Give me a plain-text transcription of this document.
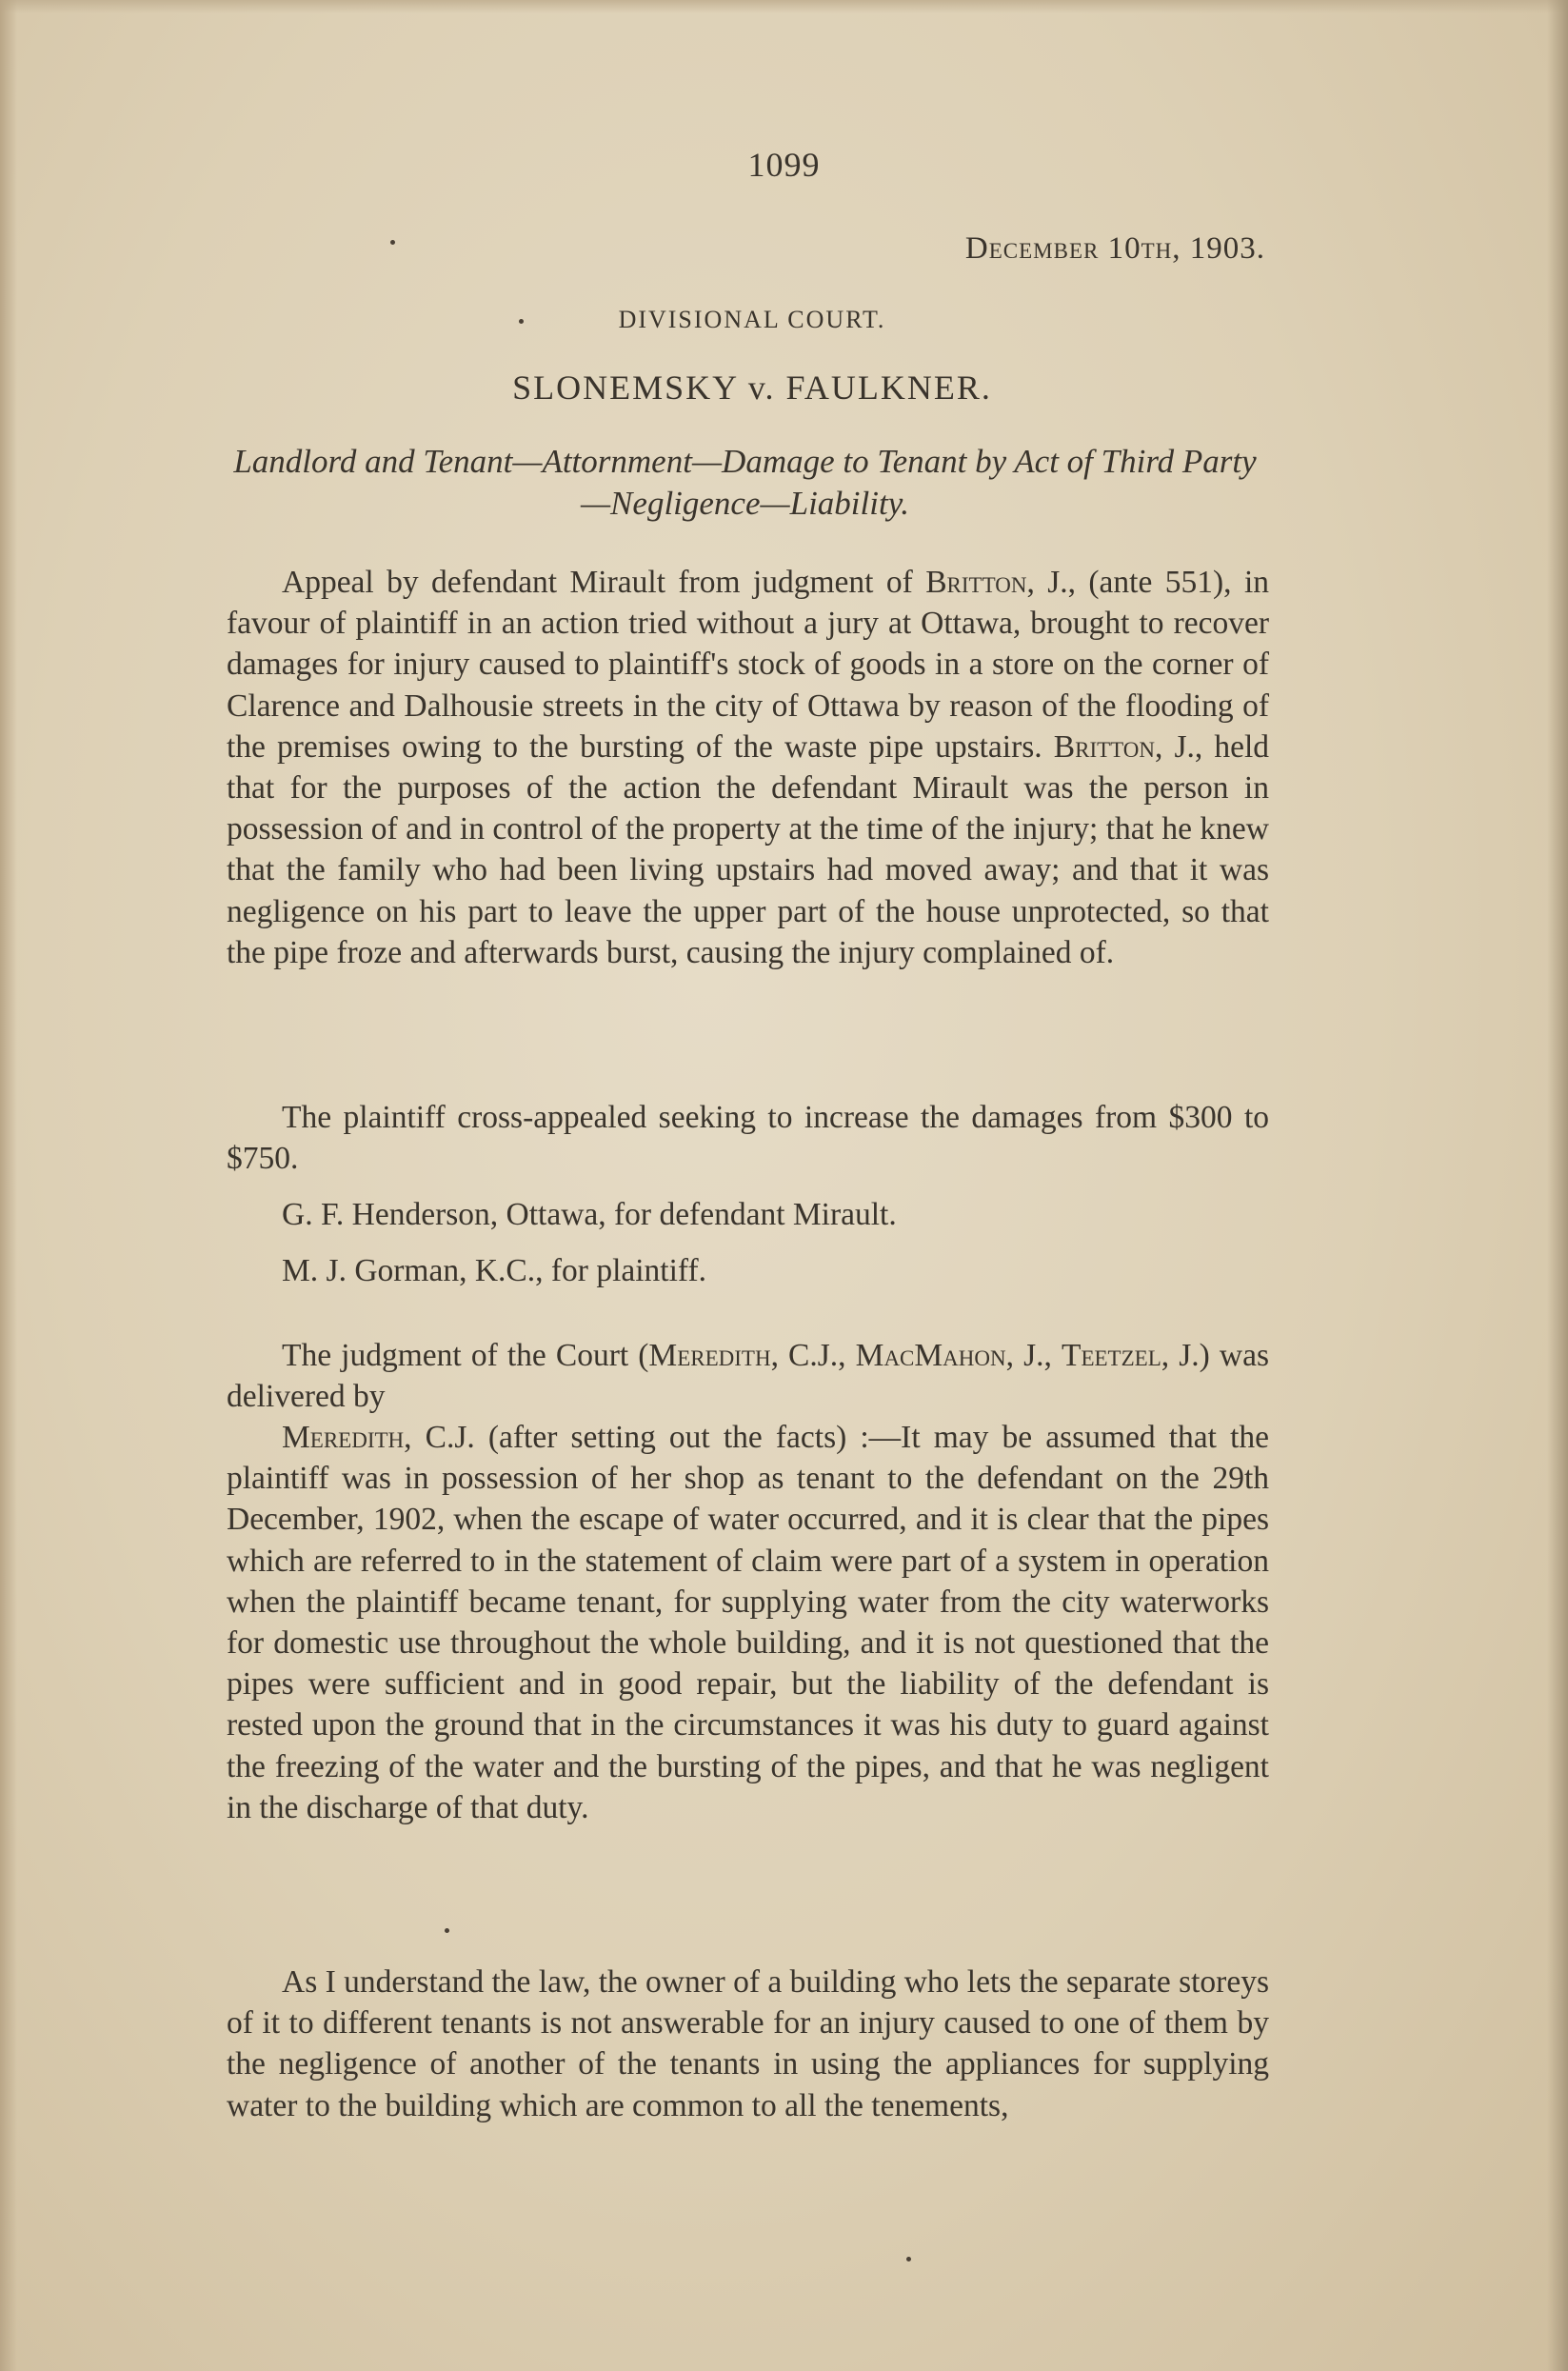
1099
December 10th, 1903.
DIVISIONAL COURT.
SLONEMSKY v. FAULKNER.
Landlord and Tenant—Attornment—Damage to Tenant by Act of Third Party—Negligence—Liability.

Appeal by defendant Mirault from judgment of Britton, J., (ante 551), in favour of plaintiff in an action tried without a jury at Ottawa, brought to recover damages for injury caused to plaintiff's stock of goods in a store on the corner of Clarence and Dalhousie streets in the city of Ottawa by reason of the flooding of the premises owing to the bursting of the waste pipe upstairs. Britton, J., held that for the purposes of the action the defendant Mirault was the person in possession of and in control of the property at the time of the injury; that he knew that the family who had been living upstairs had moved away; and that it was negligence on his part to leave the upper part of the house unprotected, so that the pipe froze and afterwards burst, causing the injury complained of.

The plaintiff cross-appealed seeking to increase the damages from $300 to $750.

G. F. Henderson, Ottawa, for defendant Mirault.
M. J. Gorman, K.C., for plaintiff.

The judgment of the Court (Meredith, C.J., MacMahon, J., Teetzel, J.) was delivered by

Meredith, C.J. (after setting out the facts) :—It may be assumed that the plaintiff was in possession of her shop as tenant to the defendant on the 29th December, 1902, when the escape of water occurred, and it is clear that the pipes which are referred to in the statement of claim were part of a system in operation when the plaintiff became tenant, for supplying water from the city waterworks for domestic use throughout the whole building, and it is not questioned that the pipes were sufficient and in good repair, but the liability of the defendant is rested upon the ground that in the circumstances it was his duty to guard against the freezing of the water and the bursting of the pipes, and that he was negligent in the discharge of that duty.

As I understand the law, the owner of a building who lets the separate storeys of it to different tenants is not answerable for an injury caused to one of them by the negligence of another of the tenants in using the appliances for supplying water to the building which are common to all the tenements,
